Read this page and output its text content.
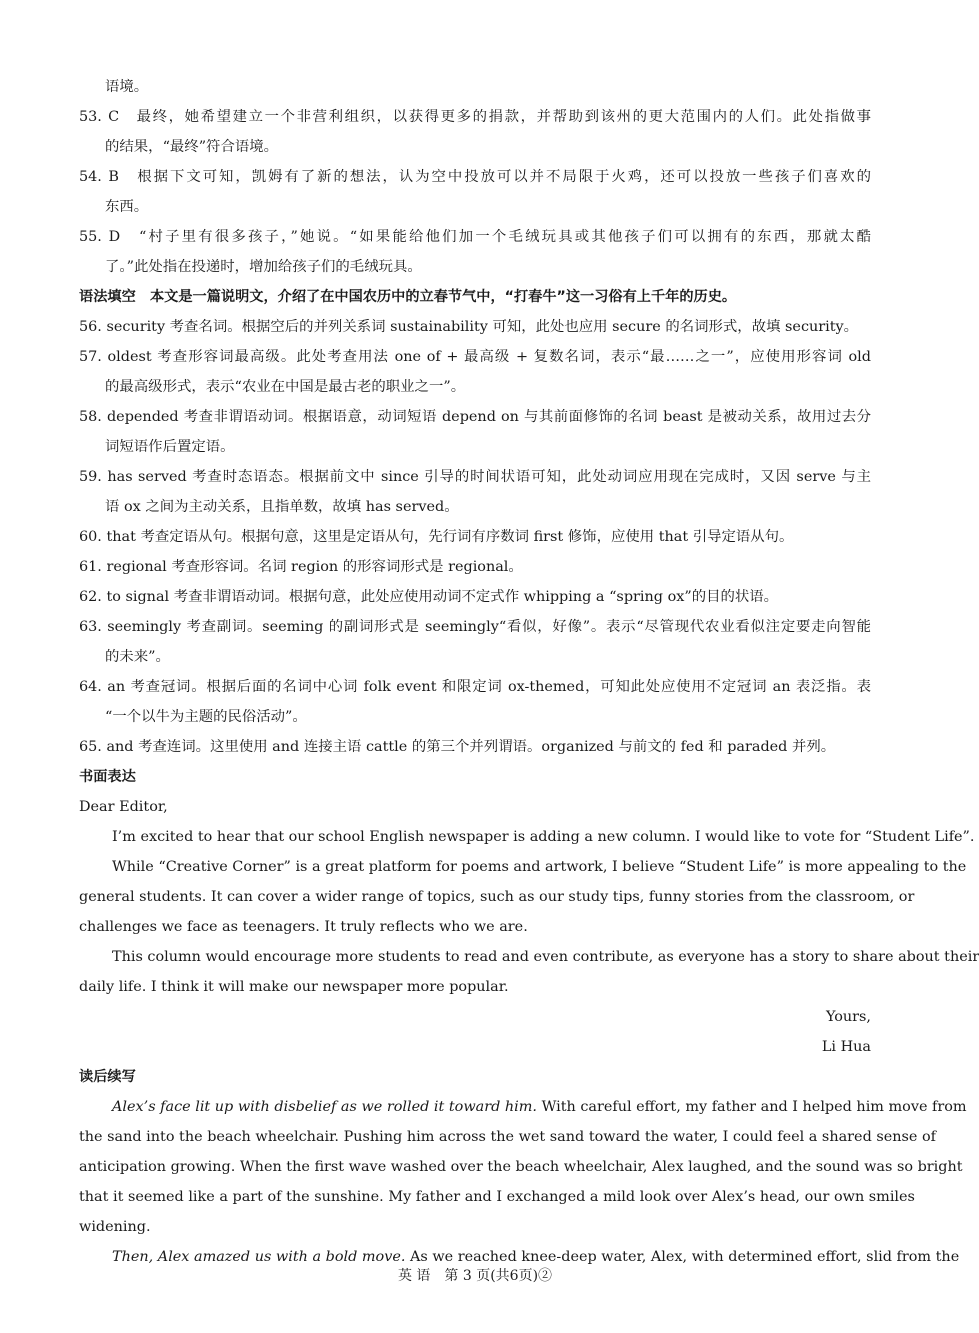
语境。
53. C　最终，她希望建立一个非营利组织，以获得更多的捐款，并帮助到该州的更大范围内的人们。此处指做事
的结果，“最终”符合语境。
54. B　根据下文可知，凯姆有了新的想法，认为空中投放可以并不局限于火鸡，还可以投放一些孩子们喜欢的
东西。
55. D　“村子里有很多孩子，”她说。“如果能给他们加一个毛绒玩具或其他孩子们可以拥有的东西，那就太酷
了。”此处指在投递时，增加给孩子们的毛绒玩具。
语法填空　本文是一篇说明文，介绍了在中国农历中的立春节气中，“打春牛”这一习俗有上千年的历史。
56. security 考查名词。根据空后的并列关系词 sustainability 可知，此处也应用 secure 的名词形式，故填 security。
57. oldest 考查形容词最高级。此处考查用法 one of + 最高级 + 复数名词，表示“最……之一”，应使用形容词 old
的最高级形式，表示“农业在中国是最古老的职业之一”。
58. depended 考查非谓语动词。根据语意，动词短语 depend on 与其前面修饰的名词 beast 是被动关系，故用过去分
词短语作后置定语。
59. has served 考查时态语态。根据前文中 since 引导的时间状语可知，此处动词应用现在完成时，又因 serve 与主
语 ox 之间为主动关系，且指单数，故填 has served。
60. that 考查定语从句。根据句意，这里是定语从句，先行词有序数词 first 修饰，应使用 that 引导定语从句。
61. regional 考查形容词。名词 region 的形容词形式是 regional。
62. to signal 考查非谓语动词。根据句意，此处应使用动词不定式作 whipping a “spring ox”的目的状语。
63. seemingly 考查副词。seeming 的副词形式是 seemingly“看似，好像”。表示“尽管现代农业看似注定要走向智能
的未来”。
64. an 考查冠词。根据后面的名词中心词 folk event 和限定词 ox-themed，可知此处应使用不定冠词 an 表泛指。表
“一个以牛为主题的民俗活动”。
65. and 考查连词。这里使用 and 连接主语 cattle 的第三个并列谓语。organized 与前文的 fed 和 paraded 并列。
书面表达
Dear Editor,
I’m excited to hear that our school English newspaper is adding a new column. I would like to vote for “Student Life”.
While “Creative Corner” is a great platform for poems and artwork, I believe “Student Life” is more appealing to the
general students. It can cover a wider range of topics, such as our study tips, funny stories from the classroom, or
challenges we face as teenagers. It truly reflects who we are.
This column would encourage more students to read and even contribute, as everyone has a story to share about their
daily life. I think it will make our newspaper more popular.
Yours,
Li Hua
读后续写
Alex’s face lit up with disbelief as we rolled it toward him. With careful effort, my father and I helped him move from
the sand into the beach wheelchair. Pushing him across the wet sand toward the water, I could feel a shared sense of
anticipation growing. When the first wave washed over the beach wheelchair, Alex laughed, and the sound was so bright
that it seemed like a part of the sunshine. My father and I exchanged a mild look over Alex’s head, our own smiles
widening.
Then, Alex amazed us with a bold move. As we reached knee-deep water, Alex, with determined effort, slid from the
英 语　第 3 页(共6页)②
